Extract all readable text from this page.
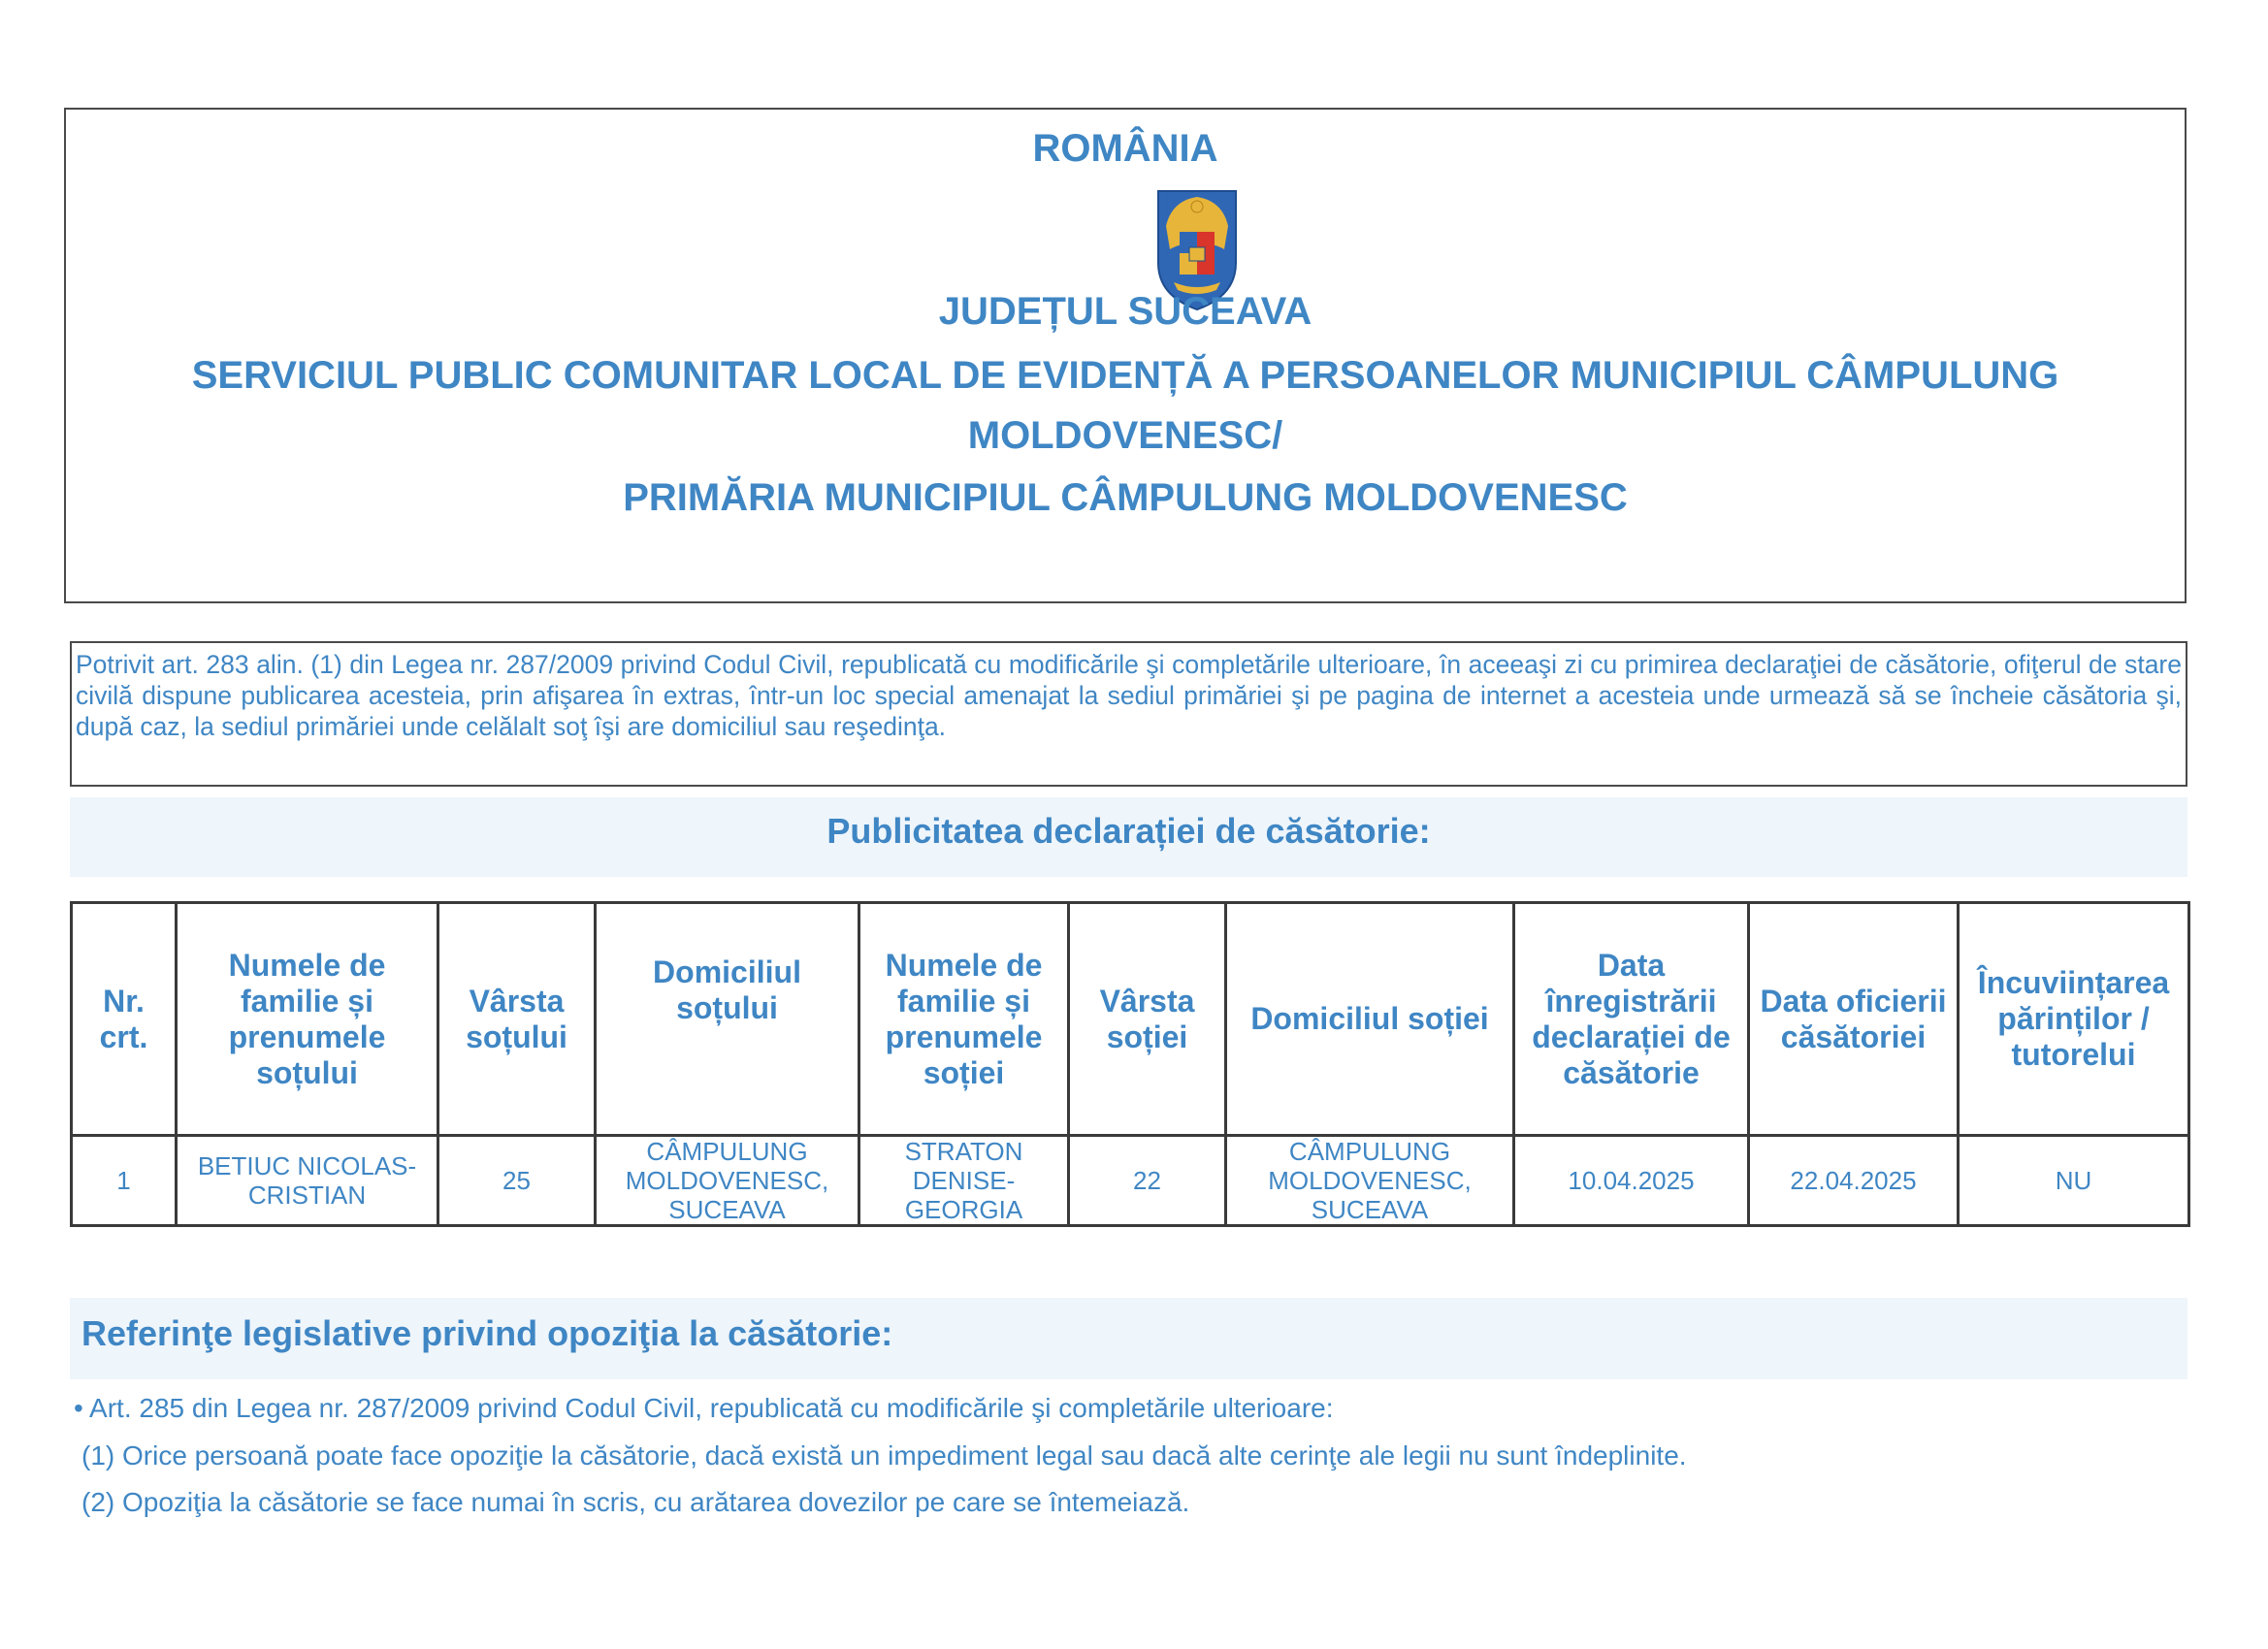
ROMÂNIA
JUDEȚUL SUCEAVA
SERVICIUL PUBLIC COMUNITAR LOCAL DE EVIDENȚĂ A PERSOANELOR MUNICIPIUL CÂMPULUNG
MOLDOVENESC/
PRIMĂRIA MUNICIPIUL CÂMPULUNG MOLDOVENESC
Potrivit art. 283 alin. (1) din Legea nr. 287/2009 privind Codul Civil, republicată cu modificările şi completările ulterioare, în aceeaşi zi cu primirea declaraţiei de căsătorie, ofiţerul de stare civilă dispune publicarea acesteia, prin afişarea în extras, într-un loc special amenajat la sediul primăriei şi pe pagina de internet a acesteia unde urmează să se încheie căsătoria şi, după caz, la sediul primăriei unde celălalt soţ îşi are domiciliul sau reşedinţa.
Publicitatea declarației de căsătorie:
Nr. crt.	Numele de familie și prenumele soțului	Vârsta soțului	Domiciliul soțului	Numele de familie și prenumele soției	Vârsta soției	Domiciliul soției	Data înregistrării declarației de căsătorie	Data oficierii căsătoriei	Încuviințarea părinților / tutorelui
1	BETIUC NICOLAS-CRISTIAN	25	CÂMPULUNG MOLDOVENESC, SUCEAVA	STRATON DENISE-GEORGIA	22	CÂMPULUNG MOLDOVENESC, SUCEAVA	10.04.2025	22.04.2025	NU
Referinţe legislative privind opoziţia la căsătorie:
• Art. 285 din Legea nr. 287/2009 privind Codul Civil, republicată cu modificările şi completările ulterioare:
(1) Orice persoană poate face opoziţie la căsătorie, dacă există un impediment legal sau dacă alte cerinţe ale legii nu sunt îndeplinite.
(2) Opoziţia la căsătorie se face numai în scris, cu arătarea dovezilor pe care se întemeiază.
